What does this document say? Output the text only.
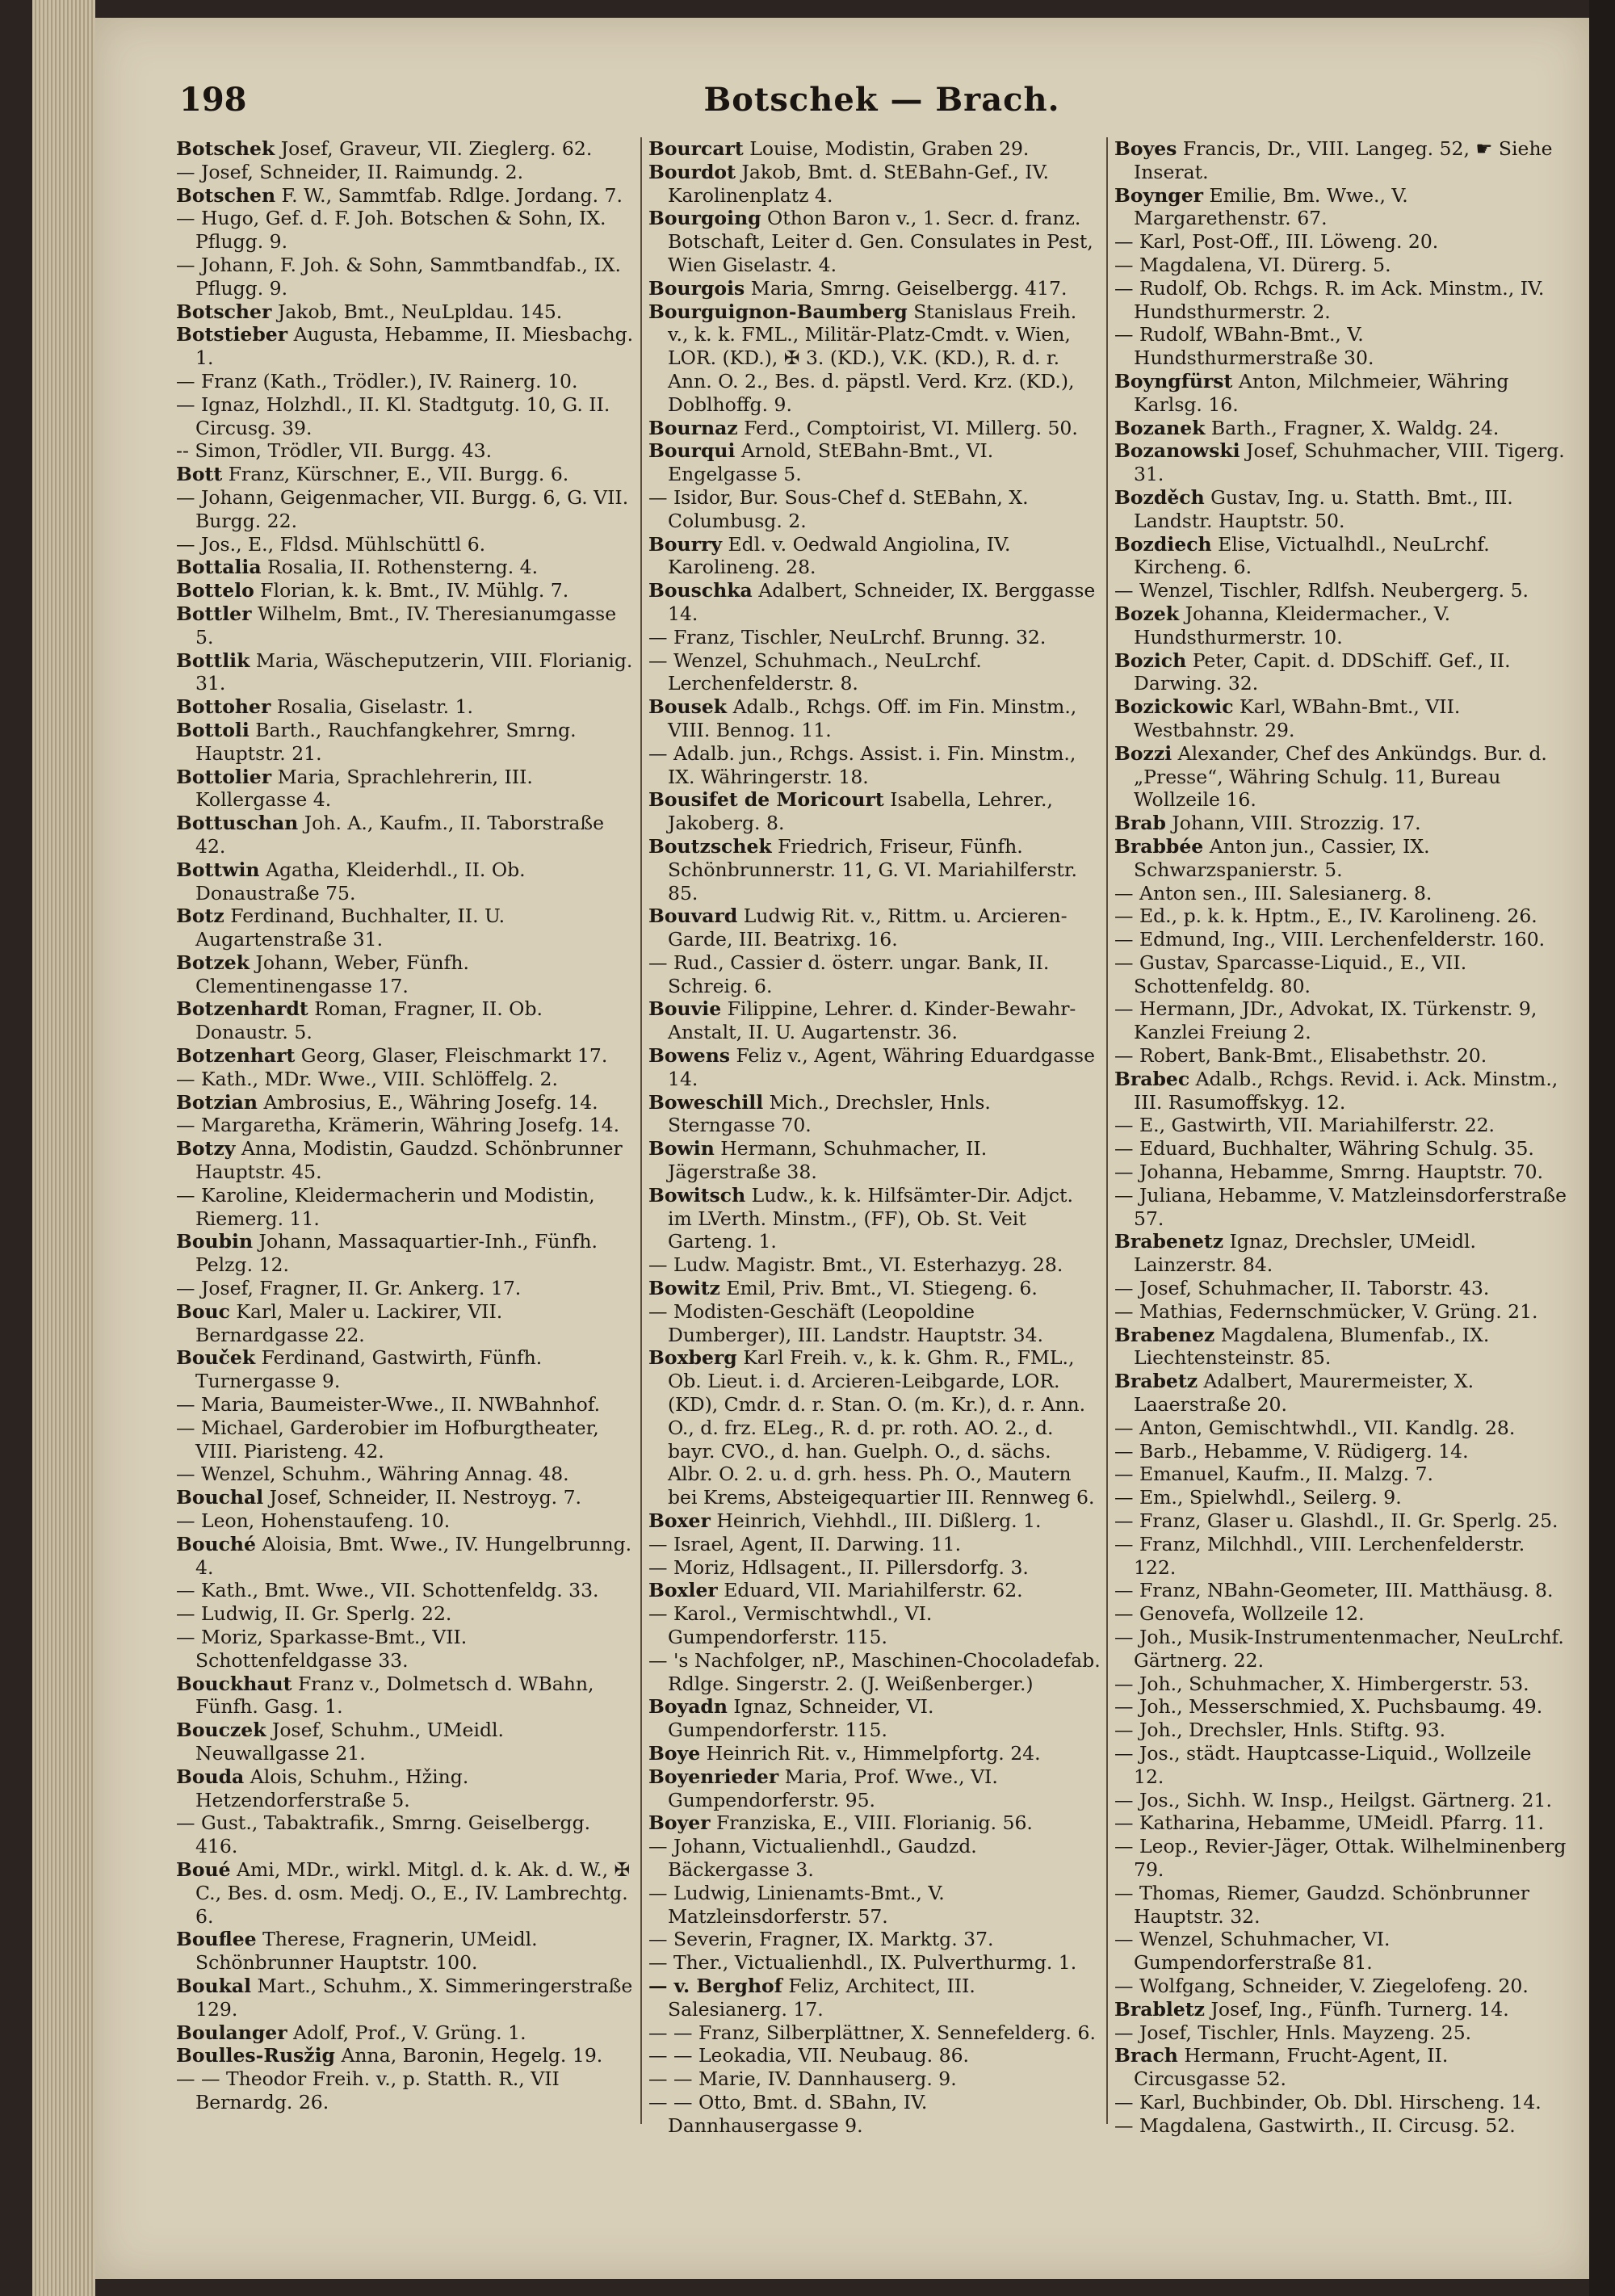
198	Botschek — Brach.

Botschek Josef, Graveur, VII. Zieglerg. 62.

— Josef, Schneider, II. Raimundg. 2.

Botschen F. W., Sammtfab. Rdlge. Jordang. 7.

— Hugo, Gef. d. F. Joh. Botschen & Sohn, IX. Pflugg. 9.

— Johann, F. Joh. & Sohn, Sammtbandfab., IX. Pflugg. 9.

Botscher Jakob, Bmt., NeuLpldau. 145.

Botstieber Augusta, Hebamme, II. Miesbachg. 1.

— Franz (Kath., Trödler.), IV. Rainerg. 10.

— Ignaz, Holzhdl., II. Kl. Stadtgutg. 10, G. II. Circusg. 39.

-- Simon, Trödler, VII. Burgg. 43.

Bott Franz, Kürschner, E., VII. Burgg. 6.

— Johann, Geigenmacher, VII. Burgg. 6, G. VII. Burgg. 22.

— Jos., E., Fldsd. Mühlschüttl 6.

Bottalia Rosalia, II. Rothensterng. 4.

Bottelo Florian, k. k. Bmt., IV. Mühlg. 7.

Bottler Wilhelm, Bmt., IV. Theresianumgasse 5.

Bottlik Maria, Wäscheputzerin, VIII. Florianig. 31.

Bottoher Rosalia, Giselastr. 1.

Bottoli Barth., Rauchfangkehrer, Smrng. Hauptstr. 21.

Bottolier Maria, Sprachlehrerin, III. Kollergasse 4.

Bottuschan Joh. A., Kaufm., II. Taborstraße 42.

Bottwin Agatha, Kleiderhdl., II. Ob. Donaustraße 75.

Botz Ferdinand, Buchhalter, II. U. Augartenstraße 31.

Botzek Johann, Weber, Fünfh. Clementinengasse 17.

Botzenhardt Roman, Fragner, II. Ob. Donaustr. 5.

Botzenhart Georg, Glaser, Fleischmarkt 17.

— Kath., MDr. Wwe., VIII. Schlöffelg. 2.

Botzian Ambrosius, E., Währing Josefg. 14.

— Margaretha, Krämerin, Währing Josefg. 14.

Botzy Anna, Modistin, Gaudzd. Schönbrunner Hauptstr. 45.

— Karoline, Kleidermacherin und Modistin, Riemerg. 11.

Boubin Johann, Massaquartier-Inh., Fünfh. Pelzg. 12.

— Josef, Fragner, II. Gr. Ankerg. 17.

Bouc Karl, Maler u. Lackirer, VII. Bernardgasse 22.

Bouček Ferdinand, Gastwirth, Fünfh. Turnergasse 9.

— Maria, Baumeister-Wwe., II. NWBahnhof.

— Michael, Garderobier im Hofburgtheater, VIII. Piaristeng. 42.

— Wenzel, Schuhm., Währing Annag. 48.

Bouchal Josef, Schneider, II. Nestroyg. 7.

— Leon, Hohenstaufeng. 10.

Bouché Aloisia, Bmt. Wwe., IV. Hungelbrunng. 4.

— Kath., Bmt. Wwe., VII. Schottenfeldg. 33.

— Ludwig, II. Gr. Sperlg. 22.

— Moriz, Sparkasse-Bmt., VII. Schottenfeldgasse 33.

Bouckhaut Franz v., Dolmetsch d. WBahn, Fünfh. Gasg. 1.

Bouczek Josef, Schuhm., UMeidl. Neuwallgasse 21.

Bouda Alois, Schuhm., Hžing. Hetzendorferstraße 5.

— Gust., Tabaktrafik., Smrng. Geiselbergg. 416.

Boué Ami, MDr., wirkl. Mitgl. d. k. Ak. d. W., ✠ C., Bes. d. osm. Medj. O., E., IV. Lambrechtg. 6.

Bouflee Therese, Fragnerin, UMeidl. Schönbrunner Hauptstr. 100.

Boukal Mart., Schuhm., X. Simmeringerstraße 129.

Boulanger Adolf, Prof., V. Grüng. 1.

Boulles-Rusžig Anna, Baronin, Hegelg. 19.

— — Theodor Freih. v., p. Statth. R., VII Bernardg. 26.

Bourcart Louise, Modistin, Graben 29.

Bourdot Jakob, Bmt. d. StEBahn-Gef., IV. Karolinenplatz 4.

Bourgoing Othon Baron v., 1. Secr. d. franz. Botschaft, Leiter d. Gen. Consulates in Pest, Wien Giselastr. 4.

Bourgois Maria, Smrng. Geiselbergg. 417.

Bourguignon-Baumberg Stanislaus Freih. v., k. k. FML., Militär-Platz-Cmdt. v. Wien, LOR. (KD.), ✠ 3. (KD.), V.K. (KD.), R. d. r. Ann. O. 2., Bes. d. päpstl. Verd. Krz. (KD.), Doblhoffg. 9.

Bournaz Ferd., Comptoirist, VI. Millerg. 50.

Bourqui Arnold, StEBahn-Bmt., VI. Engelgasse 5.

— Isidor, Bur. Sous-Chef d. StEBahn, X. Columbusg. 2.

Bourry Edl. v. Oedwald Angiolina, IV. Karolineng. 28.

Bouschka Adalbert, Schneider, IX. Berggasse 14.

— Franz, Tischler, NeuLrchf. Brunng. 32.

— Wenzel, Schuhmach., NeuLrchf. Lerchenfelderstr. 8.

Bousek Adalb., Rchgs. Off. im Fin. Minstm., VIII. Bennog. 11.

— Adalb. jun., Rchgs. Assist. i. Fin. Minstm., IX. Währingerstr. 18.

Bousifet de Moricourt Isabella, Lehrer., Jakoberg. 8.

Boutzschek Friedrich, Friseur, Fünfh. Schönbrunnerstr. 11, G. VI. Mariahilferstr. 85.

Bouvard Ludwig Rit. v., Rittm. u. Arcieren-Garde, III. Beatrixg. 16.

— Rud., Cassier d. österr. ungar. Bank, II. Schreig. 6.

Bouvie Filippine, Lehrer. d. Kinder-Bewahr-Anstalt, II. U. Augartenstr. 36.

Bowens Feliz v., Agent, Währing Eduardgasse 14.

Boweschill Mich., Drechsler, Hnls. Sterngasse 70.

Bowin Hermann, Schuhmacher, II. Jägerstraße 38.

Bowitsch Ludw., k. k. Hilfsämter-Dir. Adjct. im LVerth. Minstm., (FF), Ob. St. Veit Garteng. 1.

— Ludw. Magistr. Bmt., VI. Esterhazyg. 28.

Bowitz Emil, Priv. Bmt., VI. Stiegeng. 6.

— Modisten-Geschäft (Leopoldine Dumberger), III. Landstr. Hauptstr. 34.

Boxberg Karl Freih. v., k. k. Ghm. R., FML., Ob. Lieut. i. d. Arcieren-Leibgarde, LOR. (KD), Cmdr. d. r. Stan. O. (m. Kr.), d. r. Ann. O., d. frz. ELeg., R. d. pr. roth. AO. 2., d. bayr. CVO., d. han. Guelph. O., d. sächs. Albr. O. 2. u. d. grh. hess. Ph. O., Mautern bei Krems, Absteigequartier III. Rennweg 6.

Boxer Heinrich, Viehhdl., III. Dißlerg. 1.

— Israel, Agent, II. Darwing. 11.

— Moriz, Hdlsagent., II. Pillersdorfg. 3.

Boxler Eduard, VII. Mariahilferstr. 62.

— Karol., Vermischtwhdl., VI. Gumpendorferstr. 115.

— 's Nachfolger, nP., Maschinen-Chocoladefab. Rdlge. Singerstr. 2. (J. Weißenberger.)

Boyadn Ignaz, Schneider, VI. Gumpendorferstr. 115.

Boye Heinrich Rit. v., Himmelpfortg. 24.

Boyenrieder Maria, Prof. Wwe., VI. Gumpendorferstr. 95.

Boyer Franziska, E., VIII. Florianig. 56.

— Johann, Victualienhdl., Gaudzd. Bäckergasse 3.

— Ludwig, Linienamts-Bmt., V. Matzleinsdorferstr. 57.

— Severin, Fragner, IX. Marktg. 37.

— Ther., Victualienhdl., IX. Pulverthurmg. 1.

— v. Berghof Feliz, Architect, III. Salesianerg. 17.

— — Franz, Silberplättner, X. Sennefelderg. 6.

— — Leokadia, VII. Neubaug. 86.

— — Marie, IV. Dannhauserg. 9.

— — Otto, Bmt. d. SBahn, IV. Dannhausergasse 9.

Boyes Francis, Dr., VIII. Langeg. 52, ☛ Siehe Inserat.

Boynger Emilie, Bm. Wwe., V. Margarethenstr. 67.

— Karl, Post-Off., III. Löweng. 20.

— Magdalena, VI. Dürerg. 5.

— Rudolf, Ob. Rchgs. R. im Ack. Minstm., IV. Hundsthurmerstr. 2.

— Rudolf, WBahn-Bmt., V. Hundsthurmerstraße 30.

Boyngfürst Anton, Milchmeier, Währing Karlsg. 16.

Bozanek Barth., Fragner, X. Waldg. 24.

Bozanowski Josef, Schuhmacher, VIII. Tigerg. 31.

Bozděch Gustav, Ing. u. Statth. Bmt., III. Landstr. Hauptstr. 50.

Bozdiech Elise, Victualhdl., NeuLrchf. Kircheng. 6.

— Wenzel, Tischler, Rdlfsh. Neubergerg. 5.

Bozek Johanna, Kleidermacher., V. Hundsthurmerstr. 10.

Bozich Peter, Capit. d. DDSchiff. Gef., II. Darwing. 32.

Bozickowic Karl, WBahn-Bmt., VII. Westbahnstr. 29.

Bozzi Alexander, Chef des Ankündgs. Bur. d. „Presse“, Währing Schulg. 11, Bureau Wollzeile 16.

Brab Johann, VIII. Strozzig. 17.

Brabbée Anton jun., Cassier, IX. Schwarzspanierstr. 5.

— Anton sen., III. Salesianerg. 8.

— Ed., p. k. k. Hptm., E., IV. Karolineng. 26.

— Edmund, Ing., VIII. Lerchenfelderstr. 160.

— Gustav, Sparcasse-Liquid., E., VII. Schottenfeldg. 80.

— Hermann, JDr., Advokat, IX. Türkenstr. 9, Kanzlei Freiung 2.

— Robert, Bank-Bmt., Elisabethstr. 20.

Brabec Adalb., Rchgs. Revid. i. Ack. Minstm., III. Rasumoffskyg. 12.

— E., Gastwirth, VII. Mariahilferstr. 22.

— Eduard, Buchhalter, Währing Schulg. 35.

— Johanna, Hebamme, Smrng. Hauptstr. 70.

— Juliana, Hebamme, V. Matzleinsdorferstraße 57.

Brabenetz Ignaz, Drechsler, UMeidl. Lainzerstr. 84.

— Josef, Schuhmacher, II. Taborstr. 43.

— Mathias, Federnschmücker, V. Grüng. 21.

Brabenez Magdalena, Blumenfab., IX. Liechtensteinstr. 85.

Brabetz Adalbert, Maurermeister, X. Laaerstraße 20.

— Anton, Gemischtwhdl., VII. Kandlg. 28.

— Barb., Hebamme, V. Rüdigerg. 14.

— Emanuel, Kaufm., II. Malzg. 7.

— Em., Spielwhdl., Seilerg. 9.

— Franz, Glaser u. Glashdl., II. Gr. Sperlg. 25.

— Franz, Milchhdl., VIII. Lerchenfelderstr. 122.

— Franz, NBahn-Geometer, III. Matthäusg. 8.

— Genovefa, Wollzeile 12.

— Joh., Musik-Instrumentenmacher, NeuLrchf. Gärtnerg. 22.

— Joh., Schuhmacher, X. Himbergerstr. 53.

— Joh., Messerschmied, X. Puchsbaumg. 49.

— Joh., Drechsler, Hnls. Stiftg. 93.

— Jos., städt. Hauptcasse-Liquid., Wollzeile 12.

— Jos., Sichh. W. Insp., Heilgst. Gärtnerg. 21.

— Katharina, Hebamme, UMeidl. Pfarrg. 11.

— Leop., Revier-Jäger, Ottak. Wilhelminenberg 79.

— Thomas, Riemer, Gaudzd. Schönbrunner Hauptstr. 32.

— Wenzel, Schuhmacher, VI. Gumpendorferstraße 81.

— Wolfgang, Schneider, V. Ziegelofeng. 20.

Brabletz Josef, Ing., Fünfh. Turnerg. 14.

— Josef, Tischler, Hnls. Mayzeng. 25.

Brach Hermann, Frucht-Agent, II. Circusgasse 52.

— Karl, Buchbinder, Ob. Dbl. Hirscheng. 14.

— Magdalena, Gastwirth., II. Circusg. 52.
